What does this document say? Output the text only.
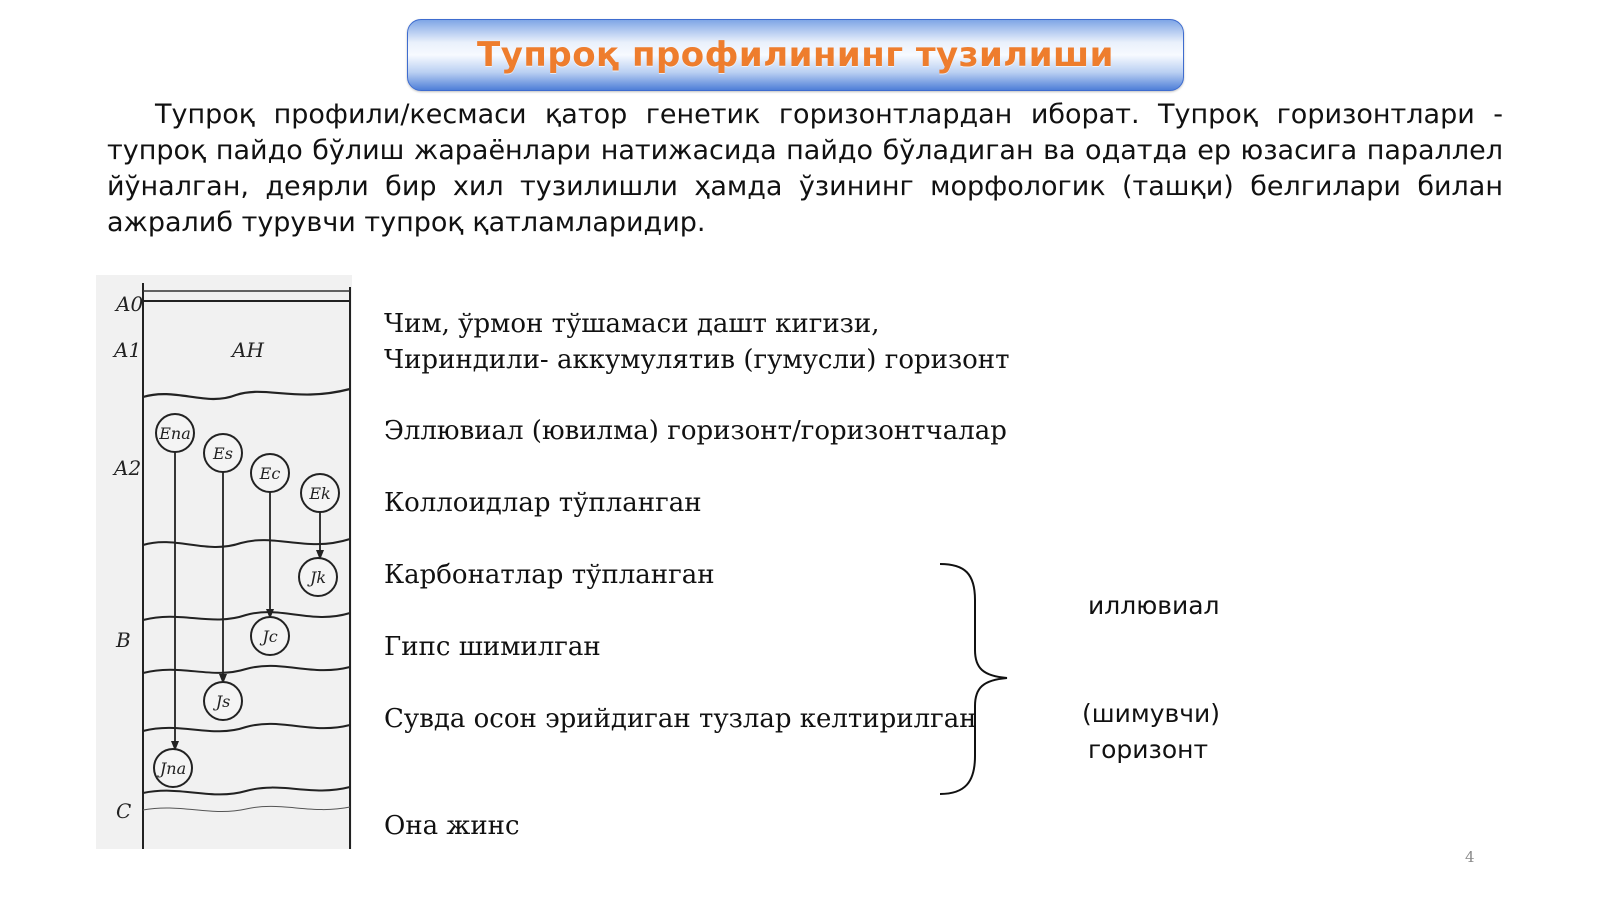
Тупроқ профилининг тузилиши

Тупроқ профили/кесмаси қатор генетик горизонтлардан иборат. Тупроқ горизонтлари - тупроқ пайдо бўлиш жараёнлари натижасида пайдо бўладиган ва одатда ер юзасига параллел йўналган, деярли бир хил тузилишли ҳамда ўзининг морфологик (ташқи) белгилари билан ажралиб турувчи тупроқ қатламларидир.

Ena
Es
Ec
Ek
Jk
Jc
Js
Jna
A0
A1
A2
B
C
AH
Чим, ўрмон тўшамаси дашт кигизи,
Чириндили- аккумулятив (гумусли) горизонт
Эллювиал (ювилма) горизонт/горизонтчалар
Коллоидлар тўпланган
Карбонатлар тўпланган
Гипс шимилган
Сувда осон эрийдиган тузлар келтирилган
Она жинс
иллювиал
(шимувчи)
горизонт
4
